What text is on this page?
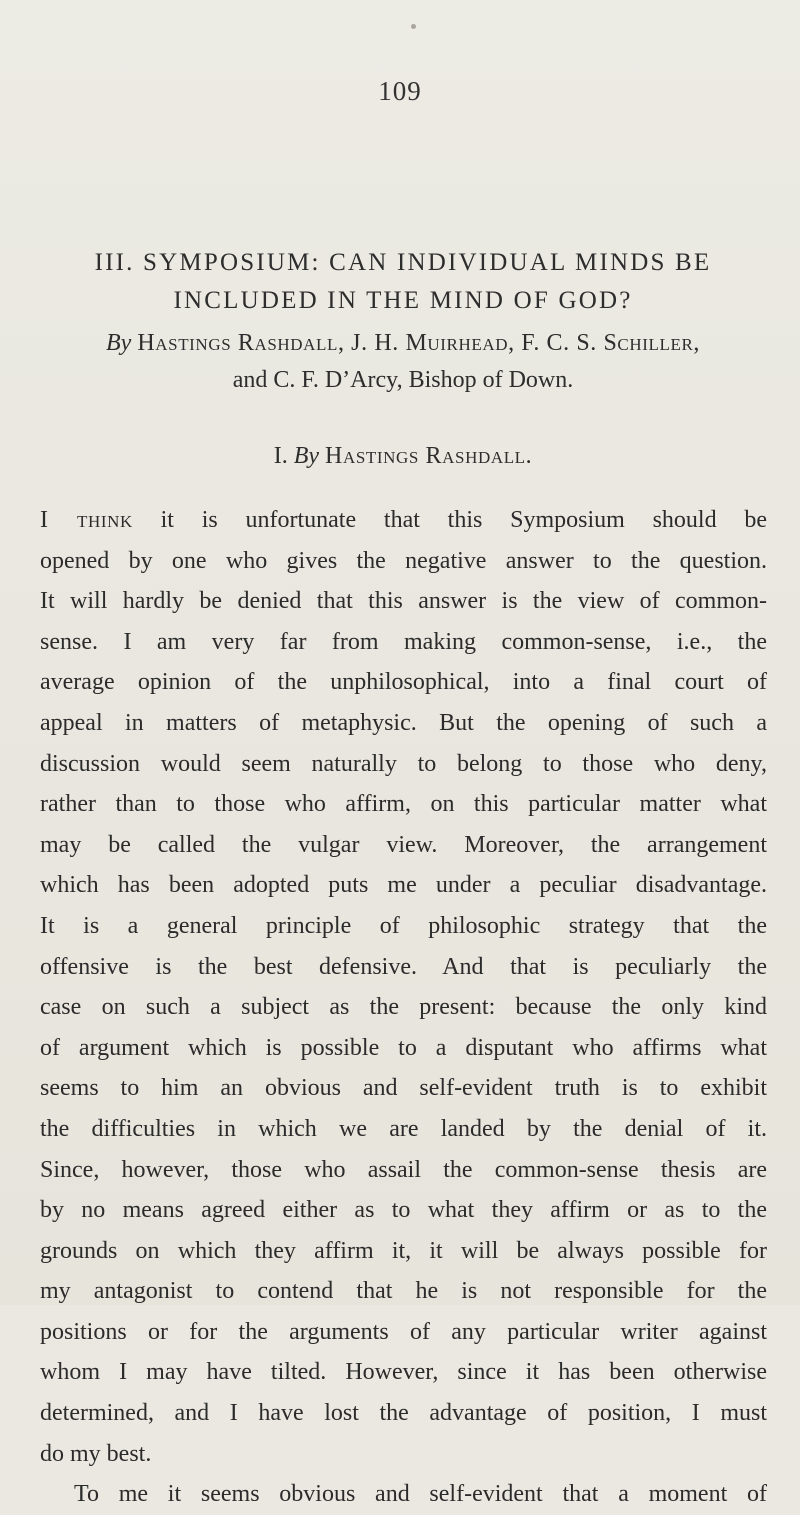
109
III. SYMPOSIUM: CAN INDIVIDUAL MINDS BE
INCLUDED IN THE MIND OF GOD?
By Hastings Rashdall, J. H. Muirhead, F. C. S. Schiller,
and C. F. D’Arcy, Bishop of Down.
I. By Hastings Rashdall.
I think it is unfortunate that this Symposium should be
opened by one who gives the negative answer to the question.
It will hardly be denied that this answer is the view of common-
sense. I am very far from making common-sense, i.e., the
average opinion of the unphilosophical, into a final court of
appeal in matters of metaphysic. But the opening of such a
discussion would seem naturally to belong to those who deny,
rather than to those who affirm, on this particular matter what
may be called the vulgar view. Moreover, the arrangement
which has been adopted puts me under a peculiar disadvantage.
It is a general principle of philosophic strategy that the
offensive is the best defensive. And that is peculiarly the
case on such a subject as the present: because the only kind
of argument which is possible to a disputant who affirms what
seems to him an obvious and self-evident truth is to exhibit
the difficulties in which we are landed by the denial of it.
Since, however, those who assail the common-sense thesis are
by no means agreed either as to what they affirm or as to the
grounds on which they affirm it, it will be always possible for
my antagonist to contend that he is not responsible for the
positions or for the arguments of any particular writer against
whom I may have tilted. However, since it has been otherwise
determined, and I have lost the advantage of position, I must
do my best.
To me it seems obvious and self-evident that a moment of
